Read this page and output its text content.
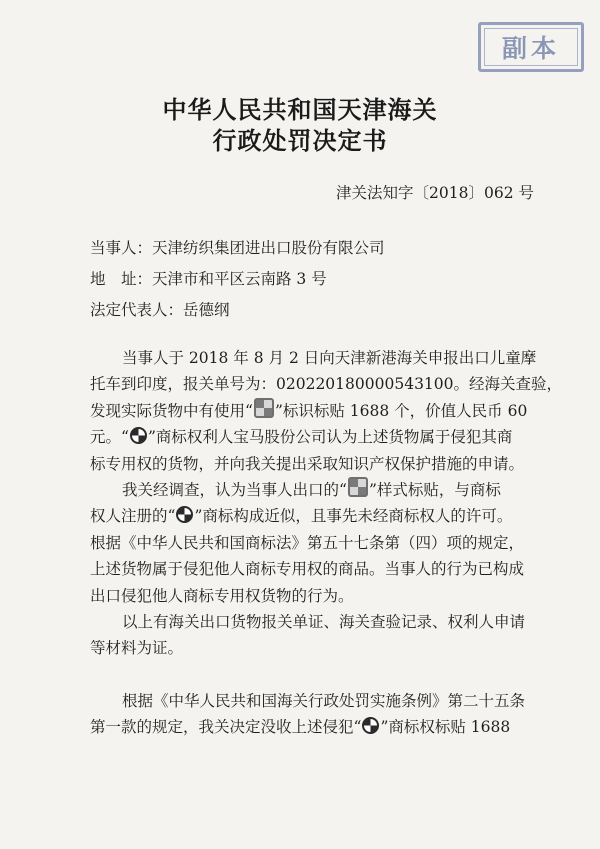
副本
中华人民共和国天津海关
行政处罚决定书
津关法知字〔2018〕062 号
当事人：天津纺织集团进出口股份有限公司
地　址：天津市和平区云南路 3 号
法定代表人：岳德纲
当事人于 2018 年 8 月 2 日向天津新港海关申报出口儿童摩
托车到印度，报关单号为：020220180000543100。经海关查验，
发现实际货物中有使用“ ”标识标贴 1688 个，价值人民币 60
元。“ ”商标权利人宝马股份公司认为上述货物属于侵犯其商
标专用权的货物，并向我关提出采取知识产权保护措施的申请。
我关经调查，认为当事人出口的“ ”样式标贴，与商标
权人注册的“ ”商标构成近似，且事先未经商标权人的许可。
根据《中华人民共和国商标法》第五十七条第（四）项的规定，
上述货物属于侵犯他人商标专用权的商品。当事人的行为已构成
出口侵犯他人商标专用权货物的行为。
以上有海关出口货物报关单证、海关查验记录、权利人申请
等材料为证。
根据《中华人民共和国海关行政处罚实施条例》第二十五条
第一款的规定，我关决定没收上述侵犯“ ”商标权标贴 1688
